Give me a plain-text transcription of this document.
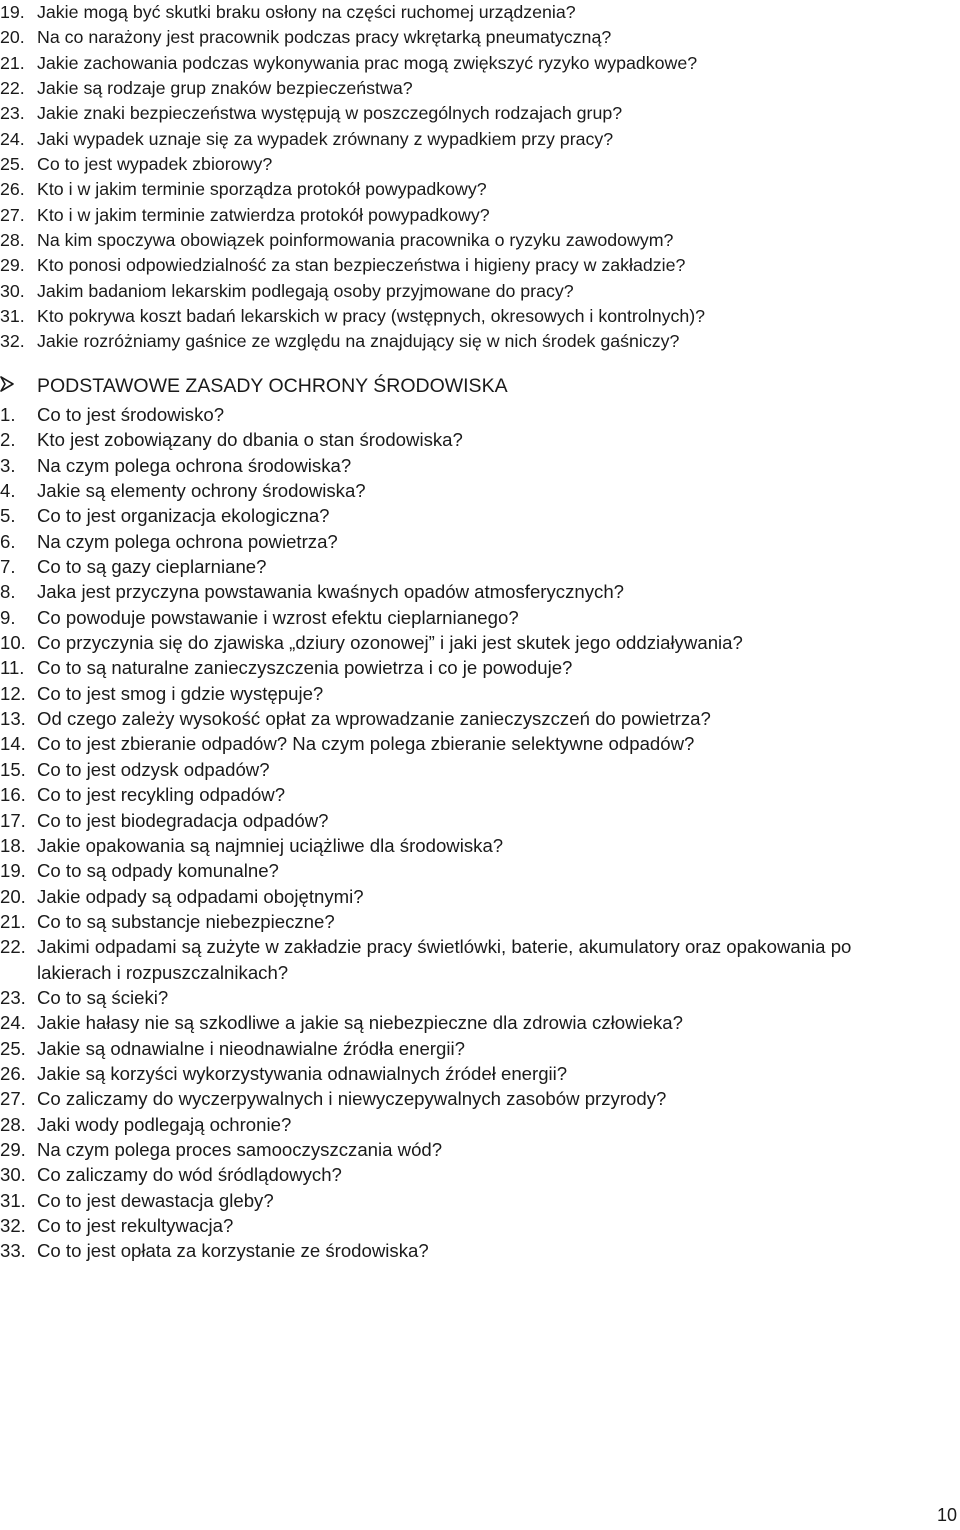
19. Jakie mogą być skutki braku osłony na części ruchomej urządzenia?
20. Na co narażony jest pracownik podczas pracy wkrętarką pneumatyczną?
21. Jakie zachowania podczas wykonywania prac mogą zwiększyć ryzyko wypadkowe?
22. Jakie są rodzaje grup znaków bezpieczeństwa?
23. Jakie znaki bezpieczeństwa występują w poszczególnych rodzajach grup?
24. Jaki wypadek uznaje się za wypadek zrównany z wypadkiem przy pracy?
25. Co to jest wypadek zbiorowy?
26. Kto i w jakim terminie sporządza protokół powypadkowy?
27. Kto i w jakim terminie zatwierdza protokół powypadkowy?
28. Na kim spoczywa obowiązek poinformowania pracownika o ryzyku zawodowym?
29. Kto ponosi odpowiedzialność za stan bezpieczeństwa i higieny pracy w zakładzie?
30. Jakim badaniom lekarskim podlegają osoby przyjmowane do pracy?
31. Kto pokrywa koszt badań lekarskich w pracy (wstępnych, okresowych i kontrolnych)?
32. Jakie rozróżniamy gaśnice ze względu na znajdujący się w nich środek gaśniczy?
PODSTAWOWE ZASADY OCHRONY ŚRODOWISKA
1.	Co to jest środowisko?
2.	Kto jest zobowiązany do dbania o stan środowiska?
3.	Na czym polega ochrona środowiska?
4.	Jakie są elementy ochrony środowiska?
5.	Co to jest organizacja ekologiczna?
6.	Na czym polega ochrona powietrza?
7.	Co to są gazy cieplarniane?
8.	Jaka jest przyczyna powstawania kwaśnych opadów atmosferycznych?
9.	Co powoduje powstawanie i wzrost efektu cieplarnianego?
10. Co przyczynia się do zjawiska „dziury ozonowej” i jaki jest skutek jego oddziaływania?
11. Co to są naturalne zanieczyszczenia powietrza i co je powoduje?
12. Co to jest smog i gdzie występuje?
13. Od czego zależy wysokość opłat za wprowadzanie zanieczyszczeń do powietrza?
14. Co to jest zbieranie odpadów? Na czym polega zbieranie selektywne odpadów?
15. Co to jest odzysk odpadów?
16. Co to jest recykling odpadów?
17. Co to jest biodegradacja odpadów?
18. Jakie opakowania są najmniej uciążliwe dla środowiska?
19. Co to są odpady komunalne?
20. Jakie odpady są odpadami obojętnymi?
21. Co to są substancje niebezpieczne?
22. Jakimi odpadami są zużyte w zakładzie pracy świetlówki, baterie, akumulatory oraz opakowania po lakierach i rozpuszczalnikach?
23. Co to są ścieki?
24. Jakie hałasy nie są szkodliwe a jakie są niebezpieczne dla zdrowia człowieka?
25. Jakie są odnawialne i nieodnawialne źródła energii?
26. Jakie są korzyści wykorzystywania odnawialnych źródeł energii?
27. Co zaliczamy do wyczerpywalnych i niewyczepywalnych zasobów przyrody?
28. Jaki wody podlegają ochronie?
29. Na czym polega proces samooczyszczania wód?
30. Co zaliczamy do wód śródlądowych?
31. Co to jest dewastacja gleby?
32. Co to jest rekultywacja?
33. Co to jest opłata za korzystanie ze środowiska?
10
